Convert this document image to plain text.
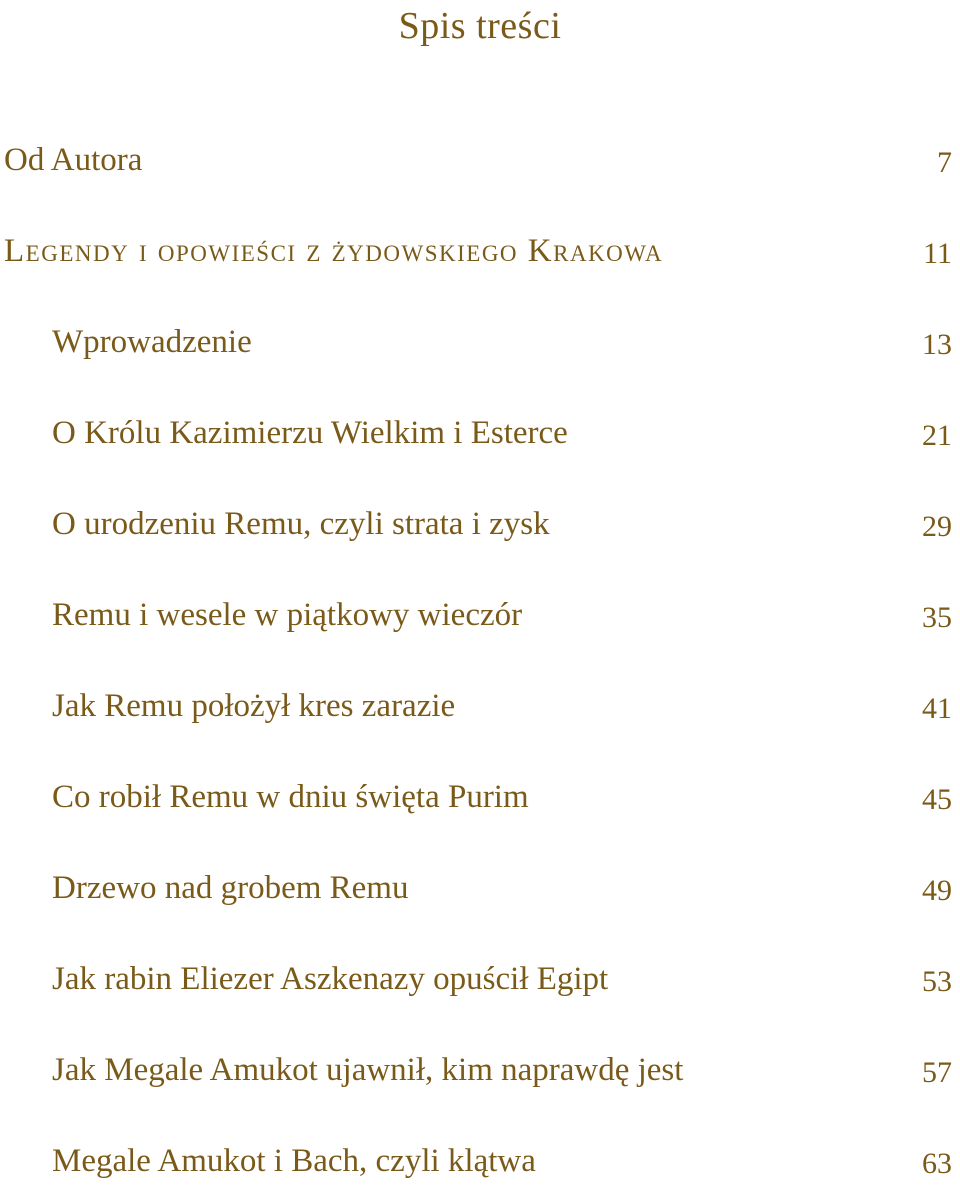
Spis treści
Od Autora	7
Legendy i opowieści z żydowskiego Krakowa	11
Wprowadzenie	13
O Królu Kazimierzu Wielkim i Esterce	21
O urodzeniu Remu, czyli strata i zysk	29
Remu i wesele w piątkowy wieczór	35
Jak Remu położył kres zarazie	41
Co robił Remu w dniu święta Purim	45
Drzewo nad grobem Remu	49
Jak rabin Eliezer Aszkenazy opuścił Egipt	53
Jak Megale Amukot ujawnił, kim naprawdę jest	57
Megale Amukot i Bach, czyli klątwa	63
